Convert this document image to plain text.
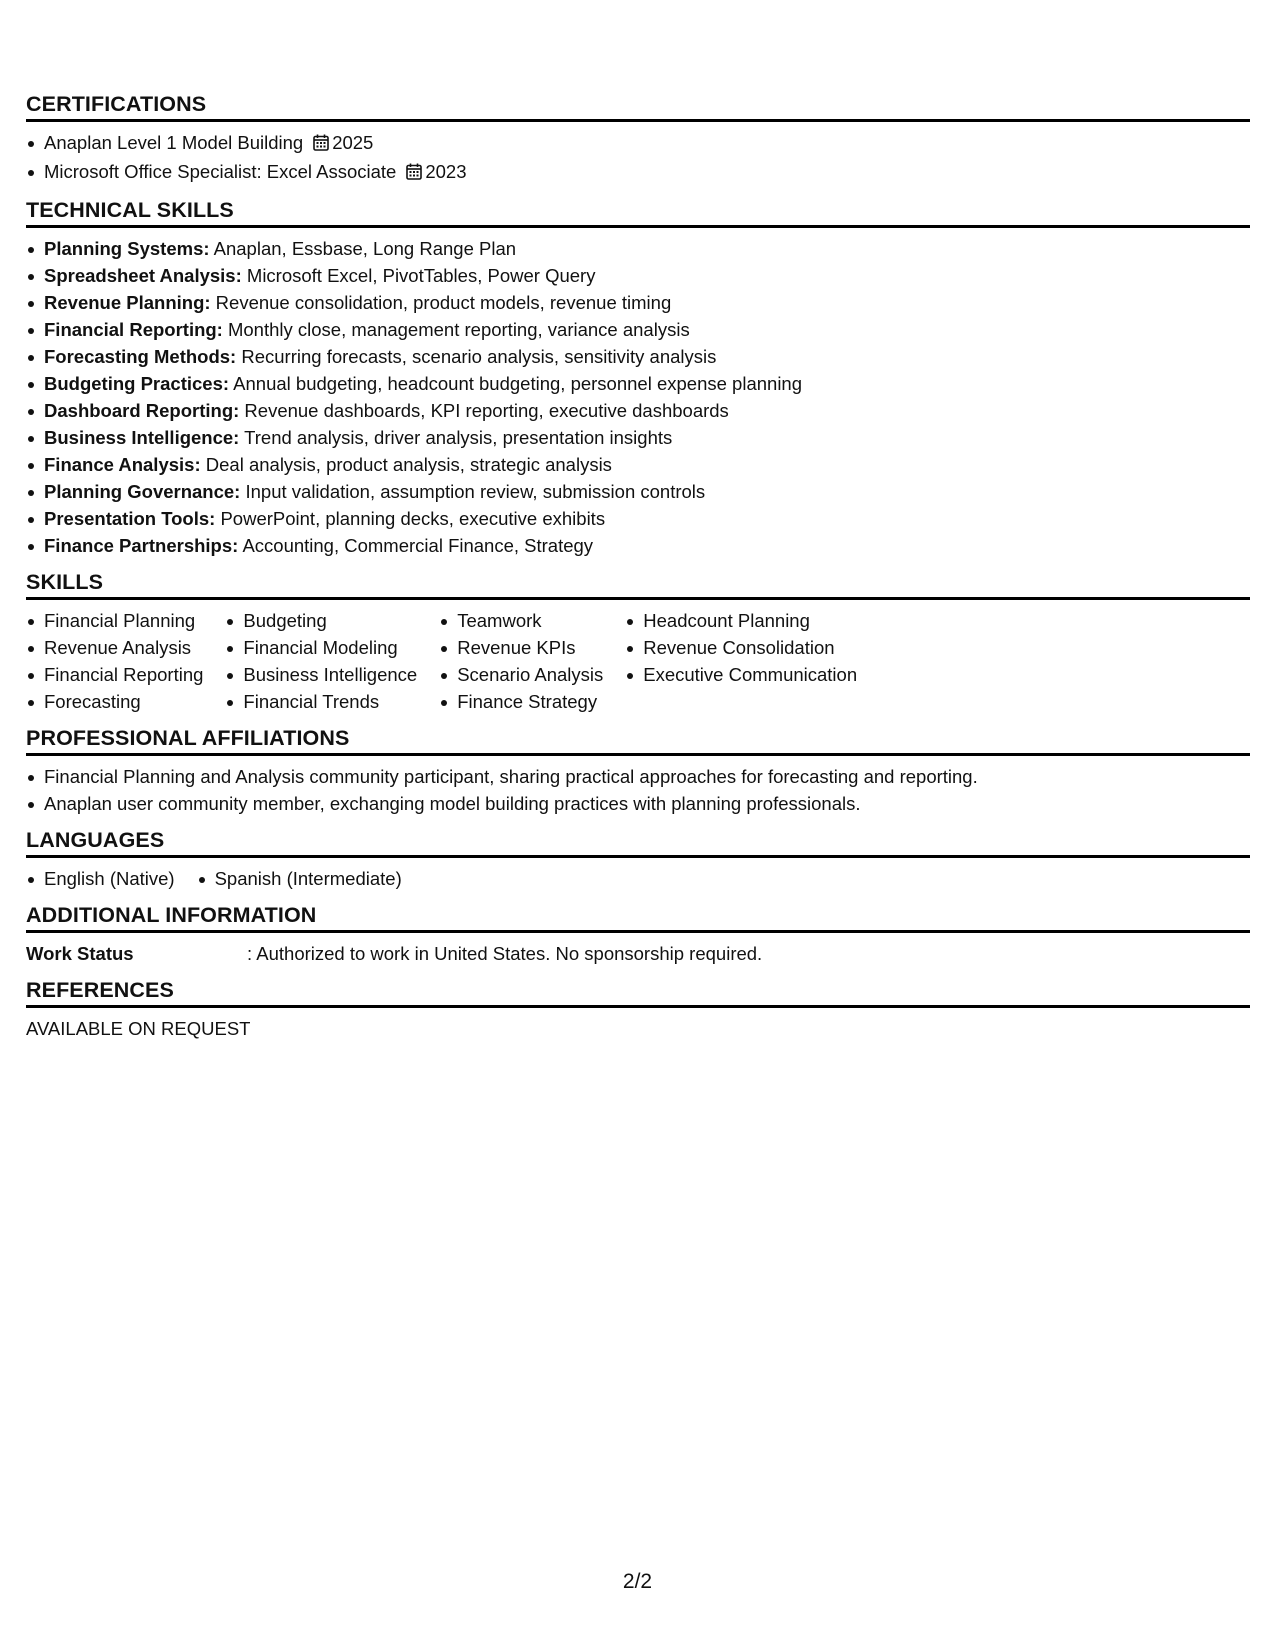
CERTIFICATIONS
Anaplan Level 1 Model Building 2025
Microsoft Office Specialist: Excel Associate 2023
TECHNICAL SKILLS
Planning Systems: Anaplan, Essbase, Long Range Plan
Spreadsheet Analysis: Microsoft Excel, PivotTables, Power Query
Revenue Planning: Revenue consolidation, product models, revenue timing
Financial Reporting: Monthly close, management reporting, variance analysis
Forecasting Methods: Recurring forecasts, scenario analysis, sensitivity analysis
Budgeting Practices: Annual budgeting, headcount budgeting, personnel expense planning
Dashboard Reporting: Revenue dashboards, KPI reporting, executive dashboards
Business Intelligence: Trend analysis, driver analysis, presentation insights
Finance Analysis: Deal analysis, product analysis, strategic analysis
Planning Governance: Input validation, assumption review, submission controls
Presentation Tools: PowerPoint, planning decks, executive exhibits
Finance Partnerships: Accounting, Commercial Finance, Strategy
SKILLS
Financial Planning
Revenue Analysis
Financial Reporting
Forecasting
Budgeting
Financial Modeling
Business Intelligence
Financial Trends
Teamwork
Revenue KPIs
Scenario Analysis
Finance Strategy
Headcount Planning
Revenue Consolidation
Executive Communication
PROFESSIONAL AFFILIATIONS
Financial Planning and Analysis community participant, sharing practical approaches for forecasting and reporting.
Anaplan user community member, exchanging model building practices with planning professionals.
LANGUAGES
English (Native)	Spanish (Intermediate)
ADDITIONAL INFORMATION
Work Status	: Authorized to work in United States. No sponsorship required.
REFERENCES
AVAILABLE ON REQUEST
2/2
